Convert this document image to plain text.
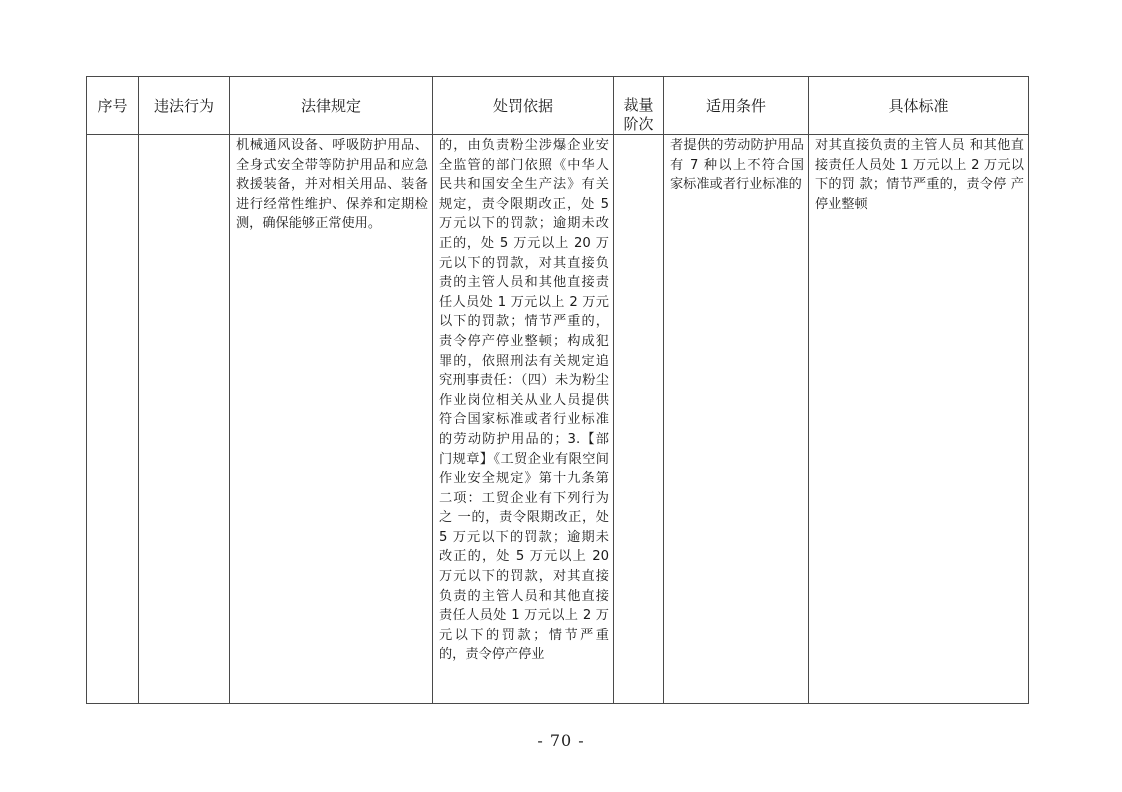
序号	违法行为	法律规定	处罚依据	裁量
阶次	适用条件	具体标准

		机械通风设备、呼吸防护用品、全身式安全带等防护用品和应急救援装备，并对相关用品、装备进行经常性维护、保养和定期检测，确保能够正常使用。	的，由负责粉尘涉爆企业安全监管的部门依照《中华人民共和国安全生产法》有关规定，责令限期改正，处 5 万元以下的罚款；逾期未改正的，处 5 万元以上 20 万元以下的罚款，对其直接负责的主管人员和其他直接责任人员处 1 万元以上 2 万元以下的罚款；情节严重的，责令停产停业整顿；构成犯罪的，依照刑法有关规定追究刑事责任：（四）未为粉尘作业岗位相关从业人员提供符合国家标准或者行业标准的劳动防护用品的；3.【部门规章】《工贸企业有限空间作业安全规定》第十九条第二项：工贸企业有下列行为之 一的，责令限期改正，处 5 万元以下的罚款；逾期未改正的，处 5 万元以上 20 万元以下的罚款，对其直接负责的主管人员和其他直接责任人员处 1 万元以上 2 万元以下的罚款；情节严重的，责令停产停业		者提供的劳动防护用品有 7 种以上不符合国家标准或者行业标准的	对其直接负责的主管人员 和其他直接责任人员处 1 万元以上 2 万元以下的罚 款；情节严重的，责令停 产停业整顿
- 70 -
